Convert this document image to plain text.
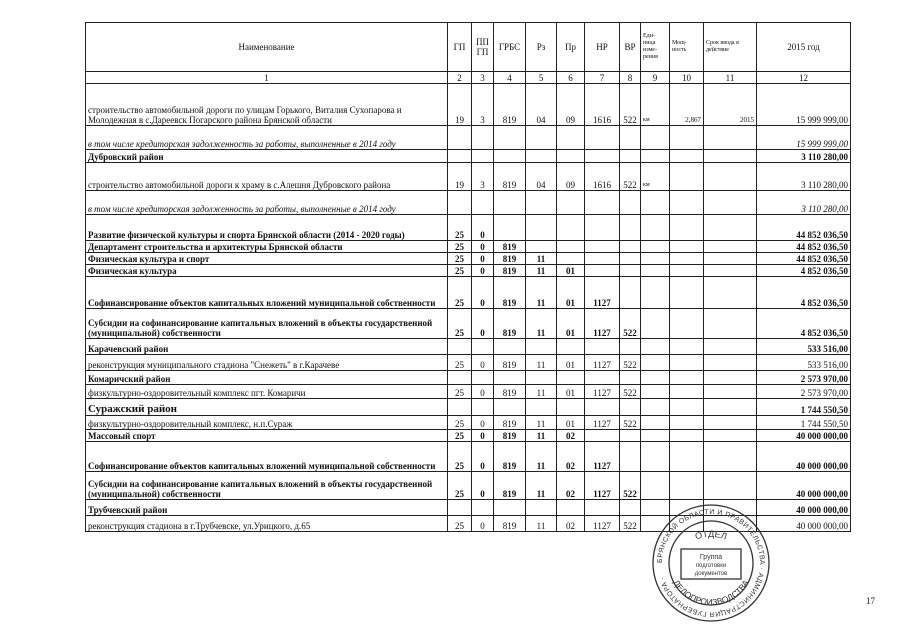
Наименование	ГП	ПП ГП	ГРБС	Рз	Пр	НР	ВР	Еди-ница изме-рения	Мощ-ность	Срок ввода в действие	2015 год
1	2	3	4	5	6	7	8	9	10	11	12
строительство автомобильной дороги по улицам Горького, Виталия Сухопарова и Молодежная в с.Дареевск Погарского района Брянской области	19	3	819	04	09	1616	522	км	2,867	2015	15 999 999,00
в том числе кредиторская задолженность за работы, выполненные в 2014 году											15 999 999,00
Дубровский район											3 110 280,00
строительство автомобильной дороги к храму в с.Алешня Дубровского района	19	3	819	04	09	1616	522	км			3 110 280,00
в том числе кредиторская задолженность за работы, выполненные в 2014 году											3 110 280,00
Развитие физической культуры и спорта Брянской области (2014 - 2020 годы)	25	0									44 852 036,50
Департамент строительства и архитектуры Брянской области	25	0	819								44 852 036,50
Физическая культура и спорт	25	0	819	11							44 852 036,50
Физическая культура	25	0	819	11	01						4 852 036,50
Софинансирование объектов капитальных вложений муниципальной собственности	25	0	819	11	01	1127					4 852 036,50
Субсидии на софинансирование капитальных вложений в объекты государственной (муниципальной) собственности	25	0	819	11	01	1127	522				4 852 036,50
Карачевский район											533 516,00
реконструкция муниципального стадиона "Снежеть" в г.Карачеве	25	0	819	11	01	1127	522				533 516,00
Комаричский район											2 573 970,00
физкультурно-оздоровительный комплекс пгт. Комаричи	25	0	819	11	01	1127	522				2 573 970,00
Суражский район											1 744 550,50
физкультурно-оздоровительный комплекс, н.п.Сураж	25	0	819	11	01	1127	522				1 744 550,50
Массовый спорт	25	0	819	11	02						40 000 000,00
Софинансирование объектов капитальных вложений муниципальной собственности	25	0	819	11	02	1127					40 000 000,00
Субсидии на софинансирование капитальных вложений в объекты государственной (муниципальной) собственности	25	0	819	11	02	1127	522				40 000 000,00
Трубчевский район											40 000 000,00
реконструкция стадиона в г.Трубчевске, ул.Урицкого, д.65	25	0	819	11	02	1127	522				40 000 000,00
БРЯНСКОЙ ОБЛАСТИ И ПРАВИТЕЛЬСТВА · АДМИНИСТРАЦИЯ ГУБЕРНАТОРА ·
ОТДЕЛ
ДЕЛОПРОИЗВОДСТВА
Группа
подготовки
документов
17
